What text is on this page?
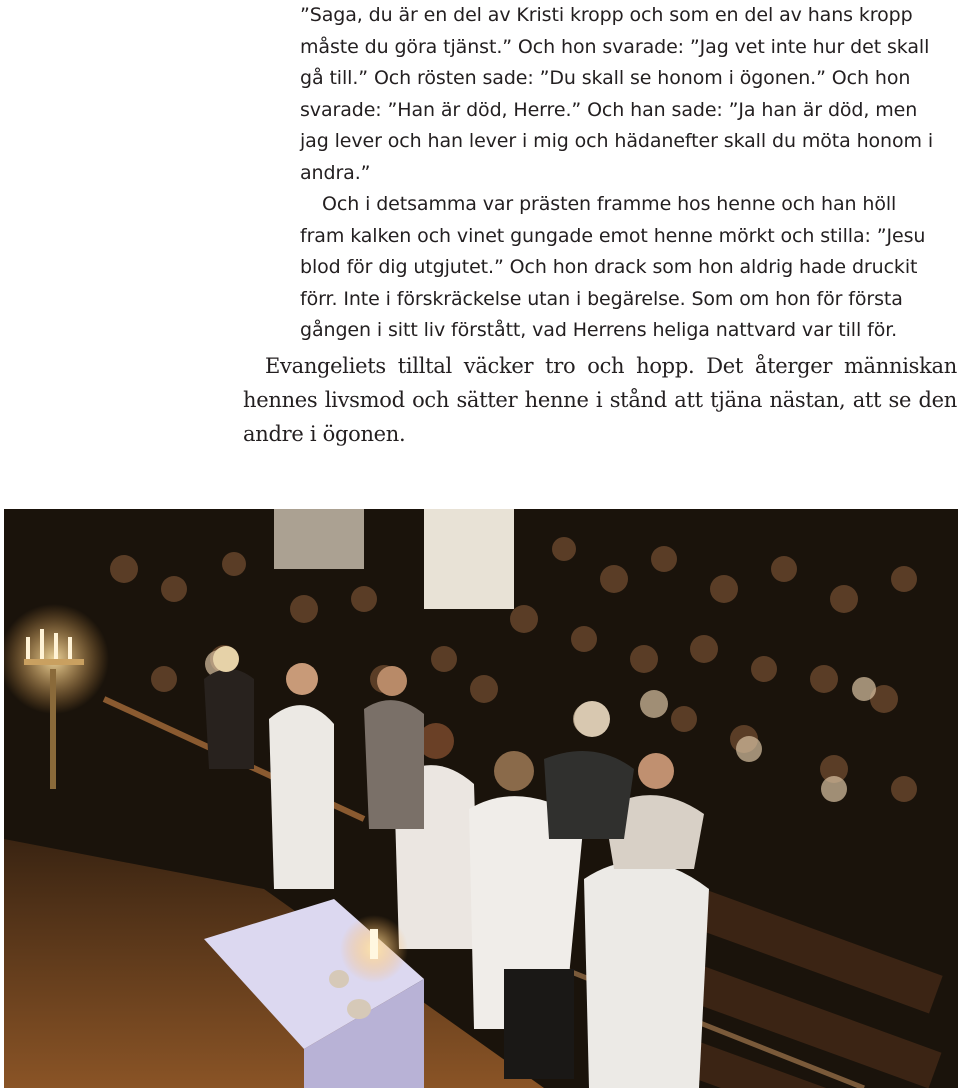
”Saga, du är en del av Kristi kropp och som en del av hans kropp måste du göra tjänst.” Och hon svarade: ”Jag vet inte hur det skall gå till.” Och rösten sade: ”Du skall se honom i ögonen.” Och hon svarade: ”Han är död, Herre.” Och han sade: ”Ja han är död, men jag lever och han lever i mig och hädanefter skall du möta honom i andra.”

Och i detsamma var prästen framme hos henne och han höll fram kalken och vinet gungade emot henne mörkt och stilla: ”Jesu blod för dig utgjutet.” Och hon drack som hon aldrig hade druckit förr. Inte i förskräckelse utan i begärelse. Som om hon för första gången i sitt liv förstått, vad Herrens heliga nattvard var till för.

Evangeliets tilltal väcker tro och hopp. Det återger människan hennes livsmod och sätter henne i stånd att tjäna nästan, att se den andre i ögonen.
